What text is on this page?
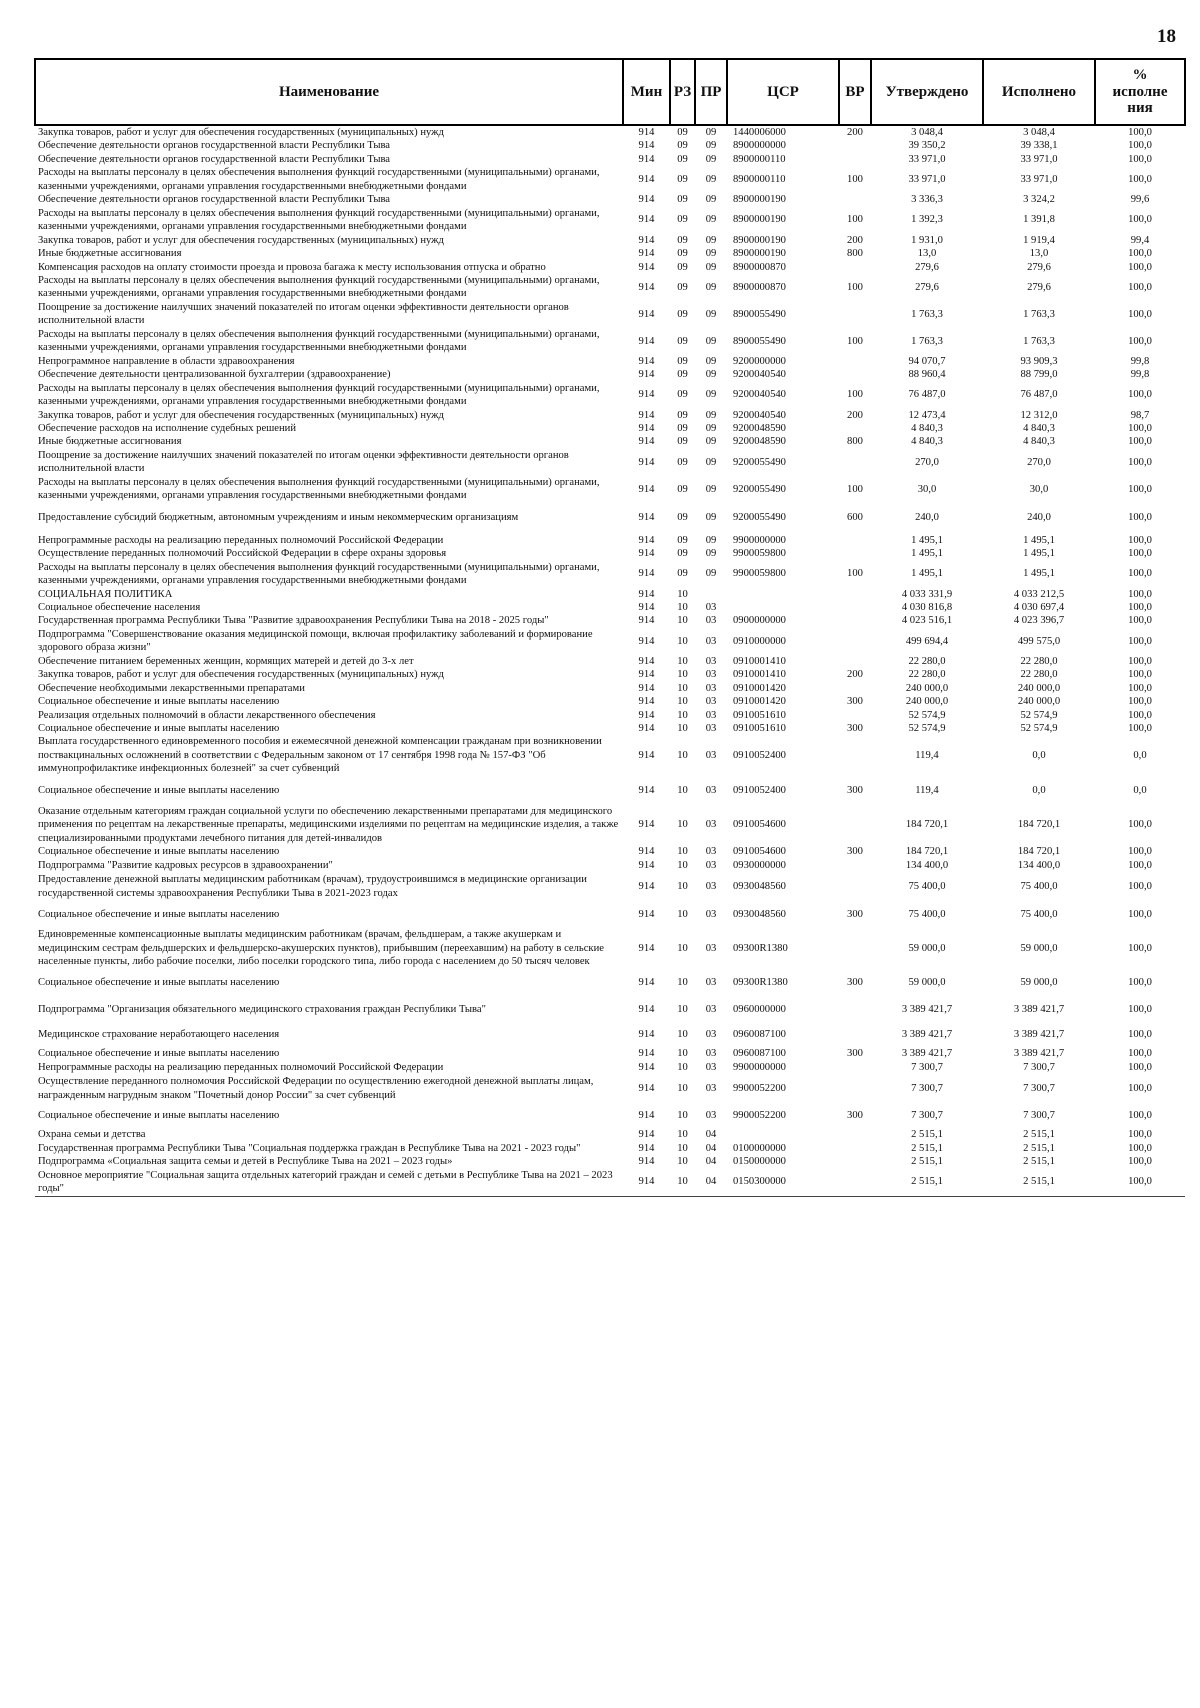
18
Наименование	Мин	РЗ	ПР	ЦСР	ВР	Утверждено	Исполнено	%
исполне
ния

Закупка товаров, работ и услуг для обеспечения государственных (муниципальных) нужд	914	09	09	1440006000	200	3 048,4	3 048,4	100,0
Обеспечение деятельности органов государственной власти Республики Тыва	914	09	09	8900000000		39 350,2	39 338,1	100,0
Обеспечение деятельности органов государственной власти Республики Тыва	914	09	09	8900000110		33 971,0	33 971,0	100,0
Расходы на выплаты персоналу в целях обеспечения выполнения функций государственными (муниципальными) органами, казенными учреждениями, органами управления государственными внебюджетными фондами	914	09	09	8900000110	100	33 971,0	33 971,0	100,0
Обеспечение деятельности органов государственной власти Республики Тыва	914	09	09	8900000190		3 336,3	3 324,2	99,6
Расходы на выплаты персоналу в целях обеспечения выполнения функций государственными (муниципальными) органами, казенными учреждениями, органами управления государственными внебюджетными фондами	914	09	09	8900000190	100	1 392,3	1 391,8	100,0
Закупка товаров, работ и услуг для обеспечения государственных (муниципальных) нужд	914	09	09	8900000190	200	1 931,0	1 919,4	99,4
Иные бюджетные ассигнования	914	09	09	8900000190	800	13,0	13,0	100,0
Компенсация расходов на оплату стоимости проезда и провоза багажа к месту использования отпуска и обратно	914	09	09	8900000870		279,6	279,6	100,0
Расходы на выплаты персоналу в целях обеспечения выполнения функций государственными (муниципальными) органами, казенными учреждениями, органами управления государственными внебюджетными фондами	914	09	09	8900000870	100	279,6	279,6	100,0
Поощрение за достижение наилучших значений показателей по итогам оценки эффективности деятельности органов исполнительной власти	914	09	09	8900055490		1 763,3	1 763,3	100,0
Расходы на выплаты персоналу в целях обеспечения выполнения функций государственными (муниципальными) органами, казенными учреждениями, органами управления государственными внебюджетными фондами	914	09	09	8900055490	100	1 763,3	1 763,3	100,0
Непрограммное направление в области здравоохранения	914	09	09	9200000000		94 070,7	93 909,3	99,8
Обеспечение деятельности централизованной бухгалтерии (здравоохранение)	914	09	09	9200040540		88 960,4	88 799,0	99,8
Расходы на выплаты персоналу в целях обеспечения выполнения функций государственными (муниципальными) органами, казенными учреждениями, органами управления государственными внебюджетными фондами	914	09	09	9200040540	100	76 487,0	76 487,0	100,0
Закупка товаров, работ и услуг для обеспечения государственных (муниципальных) нужд	914	09	09	9200040540	200	12 473,4	12 312,0	98,7
Обеспечение расходов на исполнение судебных решений	914	09	09	9200048590		4 840,3	4 840,3	100,0
Иные бюджетные ассигнования	914	09	09	9200048590	800	4 840,3	4 840,3	100,0
Поощрение за достижение наилучших значений показателей по итогам оценки эффективности деятельности органов исполнительной власти	914	09	09	9200055490		270,0	270,0	100,0
Расходы на выплаты персоналу в целях обеспечения выполнения функций государственными (муниципальными) органами, казенными учреждениями, органами управления государственными внебюджетными фондами	914	09	09	9200055490	100	30,0	30,0	100,0
Предоставление субсидий бюджетным, автономным учреждениям и иным некоммерческим организациям	914	09	09	9200055490	600	240,0	240,0	100,0
Непрограммные расходы на реализацию переданных полномочий Российской Федерации	914	09	09	9900000000		1 495,1	1 495,1	100,0
Осуществление переданных полномочий Российской Федерации в сфере охраны здоровья	914	09	09	9900059800		1 495,1	1 495,1	100,0
Расходы на выплаты персоналу в целях обеспечения выполнения функций государственными (муниципальными) органами, казенными учреждениями, органами управления государственными внебюджетными фондами	914	09	09	9900059800	100	1 495,1	1 495,1	100,0
СОЦИАЛЬНАЯ ПОЛИТИКА	914	10				4 033 331,9	4 033 212,5	100,0
Социальное обеспечение населения	914	10	03			4 030 816,8	4 030 697,4	100,0
Государственная программа Республики Тыва "Развитие здравоохранения Республики Тыва на 2018 - 2025 годы"	914	10	03	0900000000		4 023 516,1	4 023 396,7	100,0
Подпрограмма "Совершенствование оказания медицинской помощи, включая профилактику заболеваний и формирование здорового образа жизни"	914	10	03	0910000000		499 694,4	499 575,0	100,0
Обеспечение питанием беременных женщин, кормящих матерей и детей до 3-х лет	914	10	03	0910001410		22 280,0	22 280,0	100,0
Закупка товаров, работ и услуг для обеспечения государственных (муниципальных) нужд	914	10	03	0910001410	200	22 280,0	22 280,0	100,0
Обеспечение необходимыми лекарственными препаратами	914	10	03	0910001420		240 000,0	240 000,0	100,0
Социальное обеспечение и иные выплаты населению	914	10	03	0910001420	300	240 000,0	240 000,0	100,0
Реализация отдельных полномочий в области лекарственного обеспечения	914	10	03	0910051610		52 574,9	52 574,9	100,0
Социальное обеспечение и иные выплаты населению	914	10	03	0910051610	300	52 574,9	52 574,9	100,0
Выплата государственного единовременного пособия и ежемесячной денежной компенсации гражданам при возникновении поствакцинальных осложнений в соответствии с Федеральным законом от 17 сентября 1998 года № 157-ФЗ "Об иммунопрофилактике инфекционных болезней" за счет субвенций	914	10	03	0910052400		119,4	0,0	0,0
Социальное обеспечение и иные выплаты населению	914	10	03	0910052400	300	119,4	0,0	0,0
Оказание отдельным категориям граждан социальной услуги по обеспечению лекарственными препаратами для медицинского применения по рецептам на лекарственные препараты, медицинскими изделиями по рецептам на медицинские изделия, а также специализированными продуктами лечебного питания для детей-инвалидов	914	10	03	0910054600		184 720,1	184 720,1	100,0
Социальное обеспечение и иные выплаты населению	914	10	03	0910054600	300	184 720,1	184 720,1	100,0
Подпрограмма "Развитие кадровых ресурсов в здравоохранении"	914	10	03	0930000000		134 400,0	134 400,0	100,0
Предоставление денежной выплаты медицинским работникам (врачам), трудоустроившимся в медицинские организации государственной системы здравоохранения Республики Тыва в 2021-2023 годах	914	10	03	0930048560		75 400,0	75 400,0	100,0
Социальное обеспечение и иные выплаты населению	914	10	03	0930048560	300	75 400,0	75 400,0	100,0
Единовременные компенсационные выплаты медицинским работникам (врачам, фельдшерам, а также акушеркам и медицинским сестрам фельдшерских и фельдшерско-акушерских пунктов), прибывшим (переехавшим) на работу в сельские населенные пункты, либо рабочие поселки, либо поселки городского типа, либо города с населением до 50 тысяч человек	914	10	03	09300R1380		59 000,0	59 000,0	100,0
Социальное обеспечение и иные выплаты населению	914	10	03	09300R1380	300	59 000,0	59 000,0	100,0
Подпрограмма "Организация обязательного медицинского страхования граждан Республики Тыва"	914	10	03	0960000000		3 389 421,7	3 389 421,7	100,0
Медицинское страхование неработающего населения	914	10	03	0960087100		3 389 421,7	3 389 421,7	100,0
Социальное обеспечение и иные выплаты населению	914	10	03	0960087100	300	3 389 421,7	3 389 421,7	100,0
Непрограммные расходы на реализацию переданных полномочий Российской Федерации	914	10	03	9900000000		7 300,7	7 300,7	100,0
Осуществление переданного полномочия Российской Федерации по осуществлению ежегодной денежной выплаты лицам, награжденным нагрудным знаком "Почетный донор России" за счет субвенций	914	10	03	9900052200		7 300,7	7 300,7	100,0
Социальное обеспечение и иные выплаты населению	914	10	03	9900052200	300	7 300,7	7 300,7	100,0
Охрана семьи и детства	914	10	04			2 515,1	2 515,1	100,0
Государственная программа Республики Тыва "Социальная поддержка граждан в Республике Тыва на 2021 - 2023 годы"	914	10	04	0100000000		2 515,1	2 515,1	100,0
Подпрограмма «Социальная защита семьи и детей в Республике Тыва на 2021 – 2023 годы»	914	10	04	0150000000		2 515,1	2 515,1	100,0
Основное мероприятие "Социальная защита отдельных категорий граждан и семей с детьми в Республике Тыва на 2021 – 2023 годы"	914	10	04	0150300000		2 515,1	2 515,1	100,0
